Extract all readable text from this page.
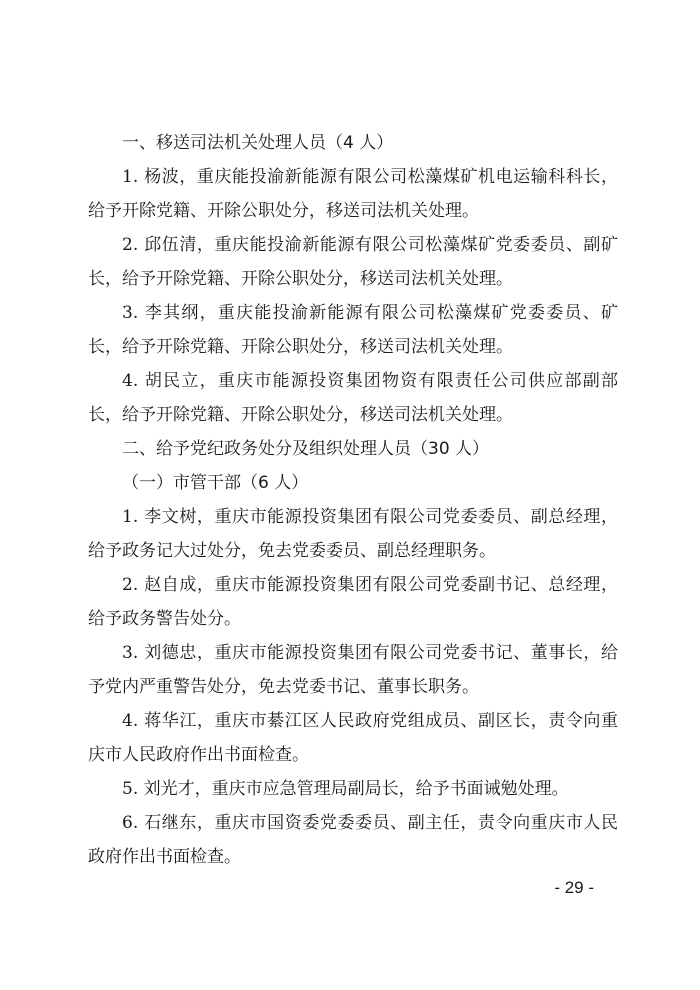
一、移送司法机关处理人员（4 人）

1. 杨波，重庆能投渝新能源有限公司松藻煤矿机电运输科科长，给予开除党籍、开除公职处分，移送司法机关处理。

2. 邱伍清，重庆能投渝新能源有限公司松藻煤矿党委委员、副矿长，给予开除党籍、开除公职处分，移送司法机关处理。

3. 李其纲，重庆能投渝新能源有限公司松藻煤矿党委委员、矿长，给予开除党籍、开除公职处分，移送司法机关处理。

4. 胡民立，重庆市能源投资集团物资有限责任公司供应部副部长，给予开除党籍、开除公职处分，移送司法机关处理。

二、给予党纪政务处分及组织处理人员（30 人）

（一）市管干部（6 人）

1. 李文树，重庆市能源投资集团有限公司党委委员、副总经理，给予政务记大过处分，免去党委委员、副总经理职务。

2. 赵自成，重庆市能源投资集团有限公司党委副书记、总经理，给予政务警告处分。

3. 刘德忠，重庆市能源投资集团有限公司党委书记、董事长，给予党内严重警告处分，免去党委书记、董事长职务。

4. 蒋华江，重庆市綦江区人民政府党组成员、副区长，责令向重庆市人民政府作出书面检查。

5. 刘光才，重庆市应急管理局副局长，给予书面诫勉处理。

6. 石继东，重庆市国资委党委委员、副主任，责令向重庆市人民政府作出书面检查。

- 29 -
